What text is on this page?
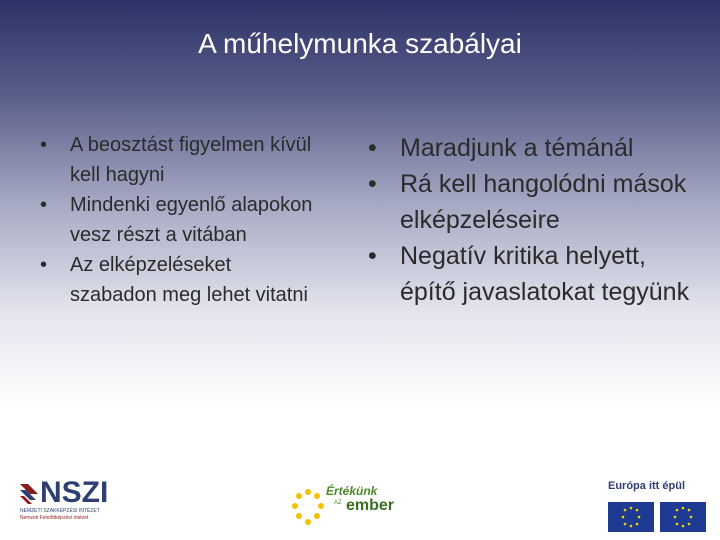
A műhelymunka szabályai
• A beosztást figyelmen kívül kell hagyni
• Mindenki egyenlő alapokon vesz részt a vitában
• Az elképzeléseket szabadon meg lehet vitatni
• Maradjunk a témánál
• Rá kell hangolódni mások elképzeléseire
• Negatív kritika helyett, építő javaslatokat tegyünk
NSZI
NEMZETI SZAKKÉPZÉSI INTÉZET
Nemzeti Felnőttképzési Intézet
Értékünk
AZ ember
Európa itt épül
